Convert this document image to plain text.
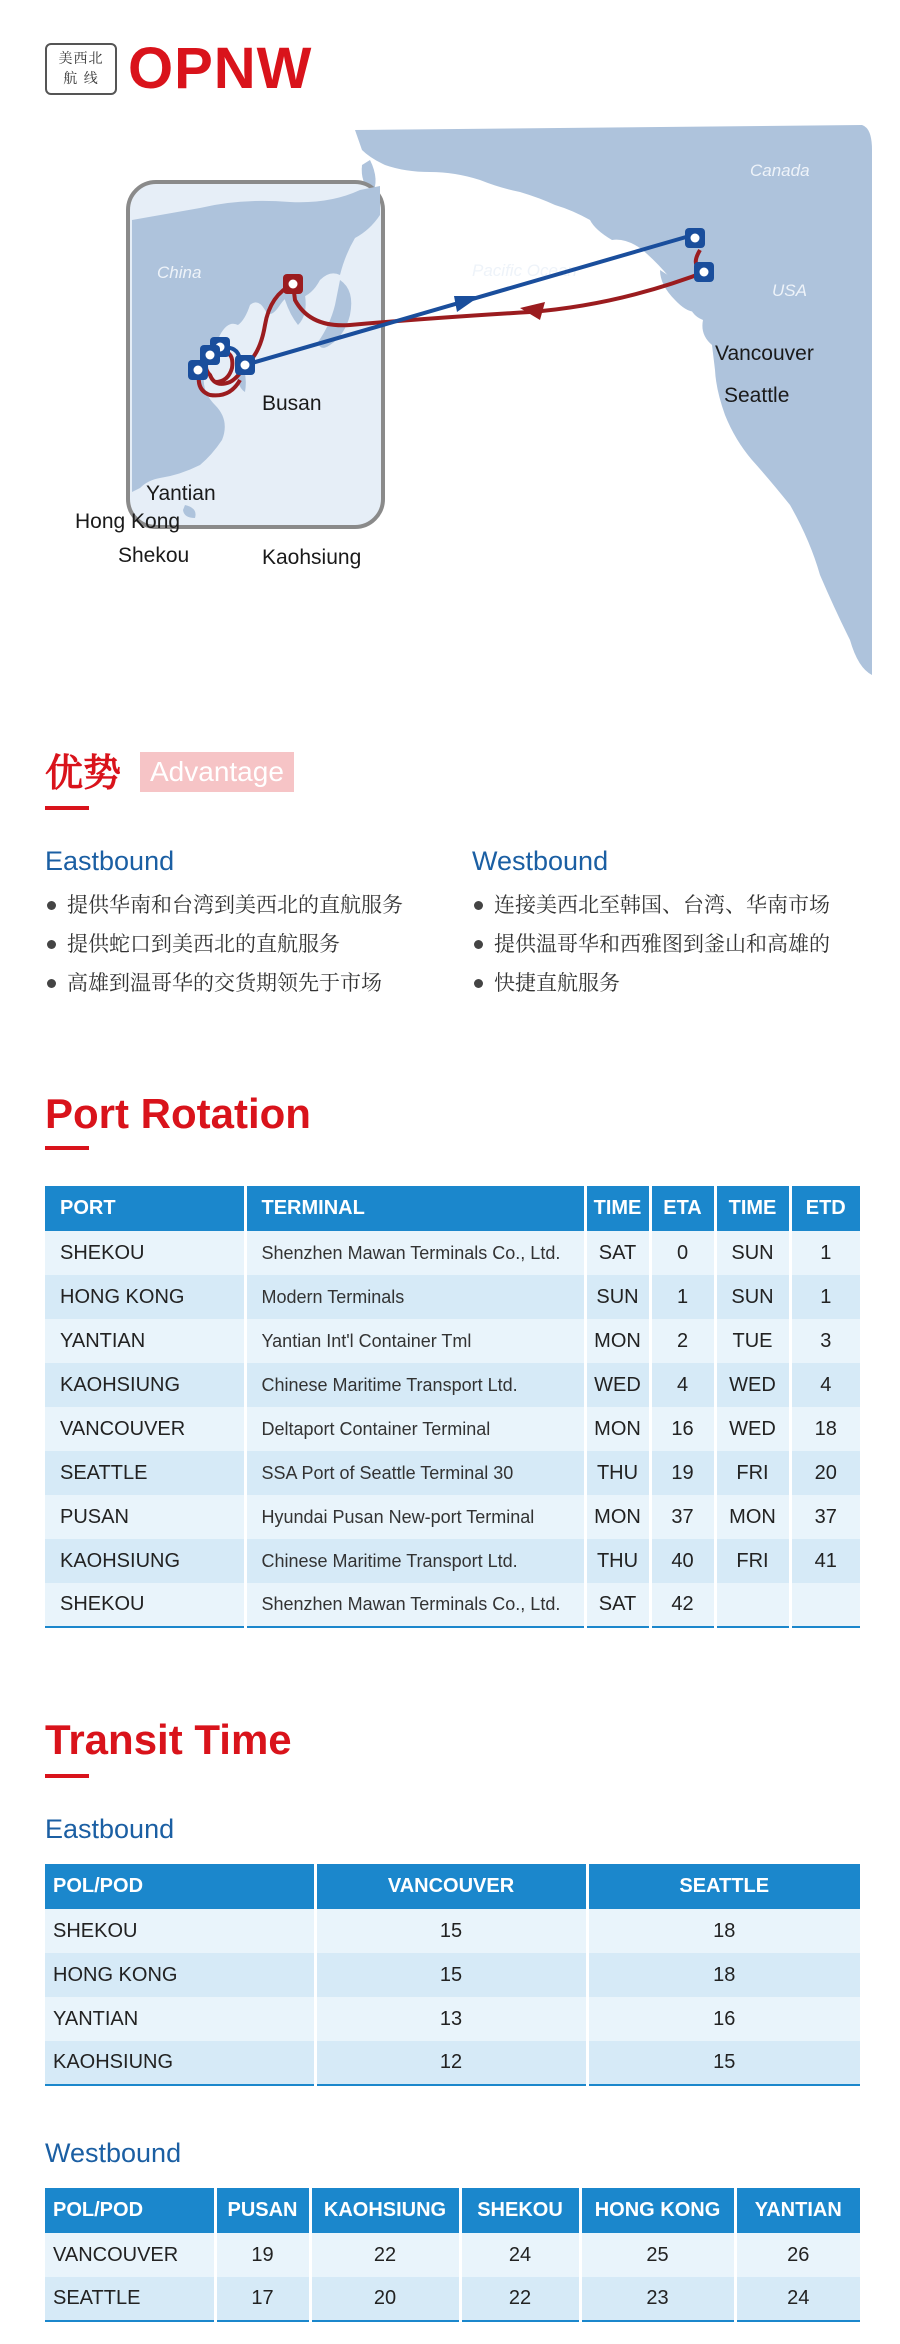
美西北
航 线 OPNW
China	Pacific Ocean
Canada
USA
Busan
Yantian
Hong Kong
Shekou	Kaohsiung
Vancouver
Seattle
优势	Advantage
Eastbound
提供华南和台湾到美西北的直航服务
提供蛇口到美西北的直航服务
高雄到温哥华的交货期领先于市场
Westbound
连接美西北至韩国、台湾、华南市场
提供温哥华和西雅图到釜山和高雄的
快捷直航服务
Port Rotation
PORT	TERMINAL	TIME	ETA	TIME	ETD
SHEKOU	Shenzhen Mawan Terminals Co., Ltd.	SAT	0	SUN	1
HONG KONG	Modern Terminals	SUN	1	SUN	1
YANTIAN	Yantian Int'l Container Tml	MON	2	TUE	3
KAOHSIUNG	Chinese Maritime Transport Ltd.	WED	4	WED	4
VANCOUVER	Deltaport Container Terminal	MON	16	WED	18
SEATTLE	SSA Port of Seattle Terminal 30	THU	19	FRI	20
PUSAN	Hyundai Pusan New-port Terminal	MON	37	MON	37
KAOHSIUNG	Chinese Maritime Transport Ltd.	THU	40	FRI	41
SHEKOU	Shenzhen Mawan Terminals Co., Ltd.	SAT	42		
Transit Time
Eastbound
POL/POD	VANCOUVER	SEATTLE
SHEKOU	15	18
HONG KONG	15	18
YANTIAN	13	16
KAOHSIUNG	12	15
Westbound
POL/POD	PUSAN	KAOHSIUNG	SHEKOU	HONG KONG	YANTIAN
VANCOUVER	19	22	24	25	26
SEATTLE	17	20	22	23	24
